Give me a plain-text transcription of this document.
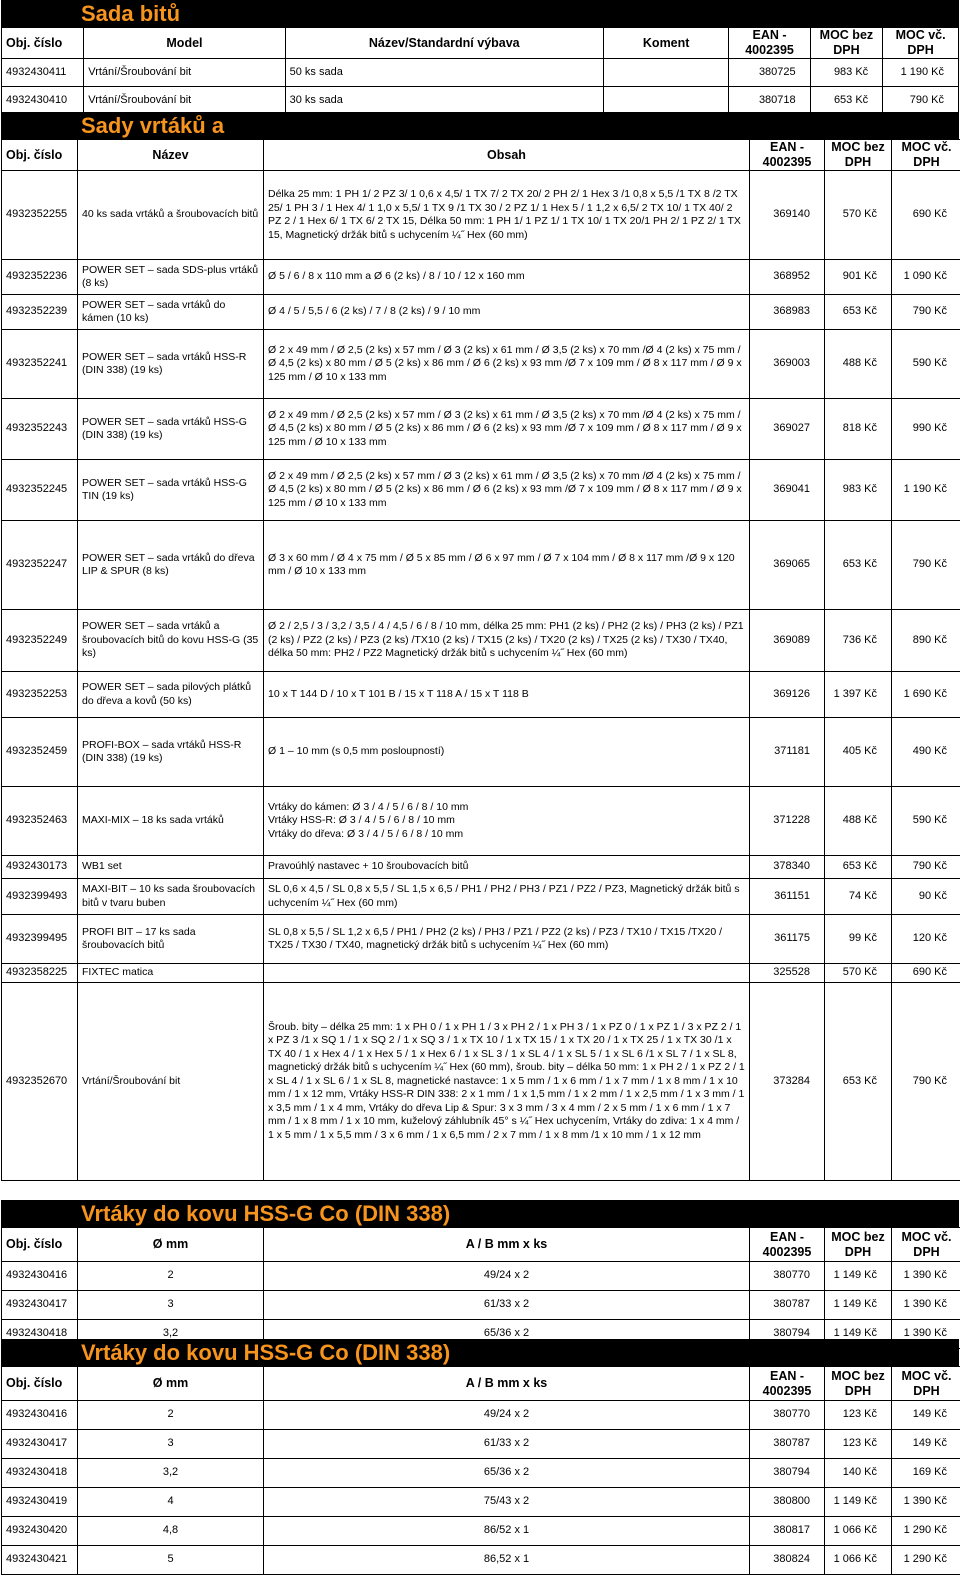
Sada bitů
Obj. číslo	Model	Název/Standardní výbava	Koment	EAN - 4002395	MOC bez DPH	MOC vč. DPH
4932430411	Vrtání/Šroubování bit	50 ks sada		380725	983 Kč	1 190 Kč
4932430410	Vrtání/Šroubování bit	30 ks sada		380718	653 Kč	790 Kč
Sady vrtáků a
Obj. číslo	Název	Obsah	EAN - 4002395	MOC bez DPH	MOC vč. DPH
4932352255	40 ks sada vrtáků a šroubovacích bitů	Délka 25 mm: 1 PH 1/ 2 PZ 3/ 1 0,6 x 4,5/ 1 TX 7/ 2 TX 20/ 2 PH 2/ 1 Hex 3 /1 0,8 x 5,5 /1 TX 8 /2 TX 25/ 1 PH 3 / 1 Hex 4/ 1 1,0 x 5,5/ 1 TX 9 /1 TX 30 / 2 PZ 1/ 1 Hex 5 / 1 1,2 x 6,5/ 2 TX 10/ 1 TX 40/ 2 PZ 2 / 1 Hex 6/ 1 TX 6/ 2 TX 15, Délka 50 mm: 1 PH 1/ 1 PZ 1/ 1 TX 10/ 1 TX 20/1 PH 2/ 1 PZ 2/ 1 TX 15, Magnetický držák bitů s uchycením ¼˝ Hex (60 mm)	369140	570 Kč	690 Kč
4932352236	POWER SET – sada SDS-plus vrtáků (8 ks)	Ø 5 / 6 / 8 x 110 mm a Ø 6 (2 ks) / 8 / 10 / 12 x 160 mm	368952	901 Kč	1 090 Kč
4932352239	POWER SET – sada vrtáků do kámen (10 ks)	Ø 4 / 5 / 5,5 / 6 (2 ks) / 7 / 8 (2 ks) / 9 / 10 mm	368983	653 Kč	790 Kč
4932352241	POWER SET – sada vrtáků HSS-R (DIN 338) (19 ks)	Ø 2 x 49 mm / Ø 2,5 (2 ks) x 57 mm / Ø 3 (2 ks) x 61 mm / Ø 3,5 (2 ks) x 70 mm /Ø 4 (2 ks) x 75 mm / Ø 4,5 (2 ks) x 80 mm / Ø 5 (2 ks) x 86 mm / Ø 6 (2 ks) x 93 mm /Ø 7 x 109 mm / Ø 8 x 117 mm / Ø 9 x 125 mm / Ø 10 x 133 mm	369003	488 Kč	590 Kč
4932352243	POWER SET – sada vrtáků HSS-G (DIN 338) (19 ks)	Ø 2 x 49 mm / Ø 2,5 (2 ks) x 57 mm / Ø 3 (2 ks) x 61 mm / Ø 3,5 (2 ks) x 70 mm /Ø 4 (2 ks) x 75 mm / Ø 4,5 (2 ks) x 80 mm / Ø 5 (2 ks) x 86 mm / Ø 6 (2 ks) x 93 mm /Ø 7 x 109 mm / Ø 8 x 117 mm / Ø 9 x 125 mm / Ø 10 x 133 mm	369027	818 Kč	990 Kč
4932352245	POWER SET – sada vrtáků HSS-G TIN (19 ks)	Ø 2 x 49 mm / Ø 2,5 (2 ks) x 57 mm / Ø 3 (2 ks) x 61 mm / Ø 3,5 (2 ks) x 70 mm /Ø 4 (2 ks) x 75 mm / Ø 4,5 (2 ks) x 80 mm / Ø 5 (2 ks) x 86 mm / Ø 6 (2 ks) x 93 mm /Ø 7 x 109 mm / Ø 8 x 117 mm / Ø 9 x 125 mm / Ø 10 x 133 mm	369041	983 Kč	1 190 Kč
4932352247	POWER SET – sada vrtáků do dřeva LIP & SPUR (8 ks)	Ø 3 x 60 mm / Ø 4 x 75 mm / Ø 5 x 85 mm / Ø 6 x 97 mm / Ø 7 x 104 mm / Ø 8 x 117 mm /Ø 9 x 120 mm / Ø 10 x 133 mm	369065	653 Kč	790 Kč
4932352249	POWER SET – sada vrtáků a šroubovacích bitů do kovu HSS-G (35 ks)	Ø 2 / 2,5 / 3 / 3,2 / 3,5 / 4 / 4,5 / 6 / 8 / 10 mm, délka 25 mm: PH1 (2 ks) / PH2 (2 ks) / PH3 (2 ks) / PZ1 (2 ks) / PZ2 (2 ks) / PZ3 (2 ks) /TX10 (2 ks) / TX15 (2 ks) / TX20 (2 ks) / TX25 (2 ks) / TX30 / TX40, délka 50 mm: PH2 / PZ2 Magnetický držák bitů s uchycením ¼˝ Hex (60 mm)	369089	736 Kč	890 Kč
4932352253	POWER SET – sada pilových plátků do dřeva a kovů (50 ks)	10 x T 144 D / 10 x T 101 B / 15 x T 118 A / 15 x T 118 B	369126	1 397 Kč	1 690 Kč
4932352459	PROFI-BOX – sada vrtáků HSS-R (DIN 338) (19 ks)	Ø 1 – 10 mm (s 0,5 mm posloupností)	371181	405 Kč	490 Kč
4932352463	MAXI-MIX – 18 ks sada vrtáků	Vrtáky do kámen: Ø 3 / 4 / 5 / 6 / 8 / 10 mm
Vrtáky HSS-R: Ø 3 / 4 / 5 / 6 / 8 / 10 mm
Vrtáky do dřeva: Ø 3 / 4 / 5 / 6 / 8 / 10 mm	371228	488 Kč	590 Kč
4932430173	WB1 set	Pravoúhlý nastavec + 10 šroubovacích bitů	378340	653 Kč	790 Kč
4932399493	MAXI-BIT – 10 ks sada šroubovacích bitů v tvaru buben	SL 0,6 x 4,5 / SL 0,8 x 5,5 / SL 1,5 x 6,5 / PH1 / PH2 / PH3 / PZ1 / PZ2 / PZ3, Magnetický držák bitů s uchycením ¼˝ Hex (60 mm)	361151	74 Kč	90 Kč
4932399495	PROFI BIT – 17 ks sada šroubovacích bitů	SL 0,8 x 5,5 / SL 1,2 x 6,5 / PH1 / PH2 (2 ks) / PH3 / PZ1 / PZ2 (2 ks) / PZ3 / TX10 / TX15 /TX20 / TX25 / TX30 / TX40, magnetický držák bitů s uchycením ¼˝ Hex (60 mm)	361175	99 Kč	120 Kč
4932358225	FIXTEC matica		325528	570 Kč	690 Kč
4932352670	Vrtání/Šroubování bit	Šroub. bity – délka 25 mm: 1 x PH 0 / 1 x PH 1 / 3 x PH 2 / 1 x PH 3 / 1 x PZ 0 / 1 x PZ 1 / 3 x PZ 2 / 1 x PZ 3 /1 x SQ 1 / 1 x SQ 2 / 1 x SQ 3 / 1 x TX 10 / 1 x TX 15 / 1 x TX 20 / 1 x TX 25 / 1 x TX 30 /1 x TX 40 / 1 x Hex 4 / 1 x Hex 5 / 1 x Hex 6 / 1 x SL 3 / 1 x SL 4 / 1 x SL 5 / 1 x SL 6 /1 x SL 7 / 1 x SL 8, magnetický držák bitů s uchycením ¼˝ Hex (60 mm), šroub. bity – délka 50 mm: 1 x PH 2 / 1 x PZ 2 / 1 x SL 4 / 1 x SL 6 / 1 x SL 8, magnetické nastavce: 1 x 5 mm / 1 x 6 mm / 1 x 7 mm / 1 x 8 mm / 1 x 10 mm / 1 x 12 mm, Vrtáky HSS-R DIN 338: 2 x 1 mm / 1 x 1,5 mm / 1 x 2 mm / 1 x 2,5 mm / 1 x 3 mm / 1 x 3,5 mm / 1 x 4 mm, Vrtáky do dřeva Lip & Spur: 3 x 3 mm / 3 x 4 mm / 2 x 5 mm / 1 x 6 mm / 1 x 7 mm / 1 x 8 mm / 1 x 10 mm, kuželový záhlubník 45° s ¼˝ Hex uchycením, Vrtáky do zdiva: 1 x 4 mm / 1 x 5 mm / 1 x 5,5 mm / 3 x 6 mm / 1 x 6,5 mm / 2 x 7 mm / 1 x 8 mm /1 x 10 mm / 1 x 12 mm	373284	653 Kč	790 Kč
Vrtáky do kovu HSS-G Co (DIN 338)
Obj. číslo	Ø mm	A / B mm x ks	EAN - 4002395	MOC bez DPH	MOC vč. DPH
4932430416	2	49/24 x 2	380770	1 149 Kč	1 390 Kč
4932430417	3	61/33 x 2	380787	1 149 Kč	1 390 Kč
4932430418	3,2	65/36 x 2	380794	1 149 Kč	1 390 Kč
Vrtáky do kovu HSS-G Co (DIN 338)
Obj. číslo	Ø mm	A / B mm x ks	EAN - 4002395	MOC bez DPH	MOC vč. DPH
4932430416	2	49/24 x 2	380770	123 Kč	149 Kč
4932430417	3	61/33 x 2	380787	123 Kč	149 Kč
4932430418	3,2	65/36 x 2	380794	140 Kč	169 Kč
4932430419	4	75/43 x 2	380800	1 149 Kč	1 390 Kč
4932430420	4,8	86/52 x 1	380817	1 066 Kč	1 290 Kč
4932430421	5	86,52 x 1	380824	1 066 Kč	1 290 Kč
